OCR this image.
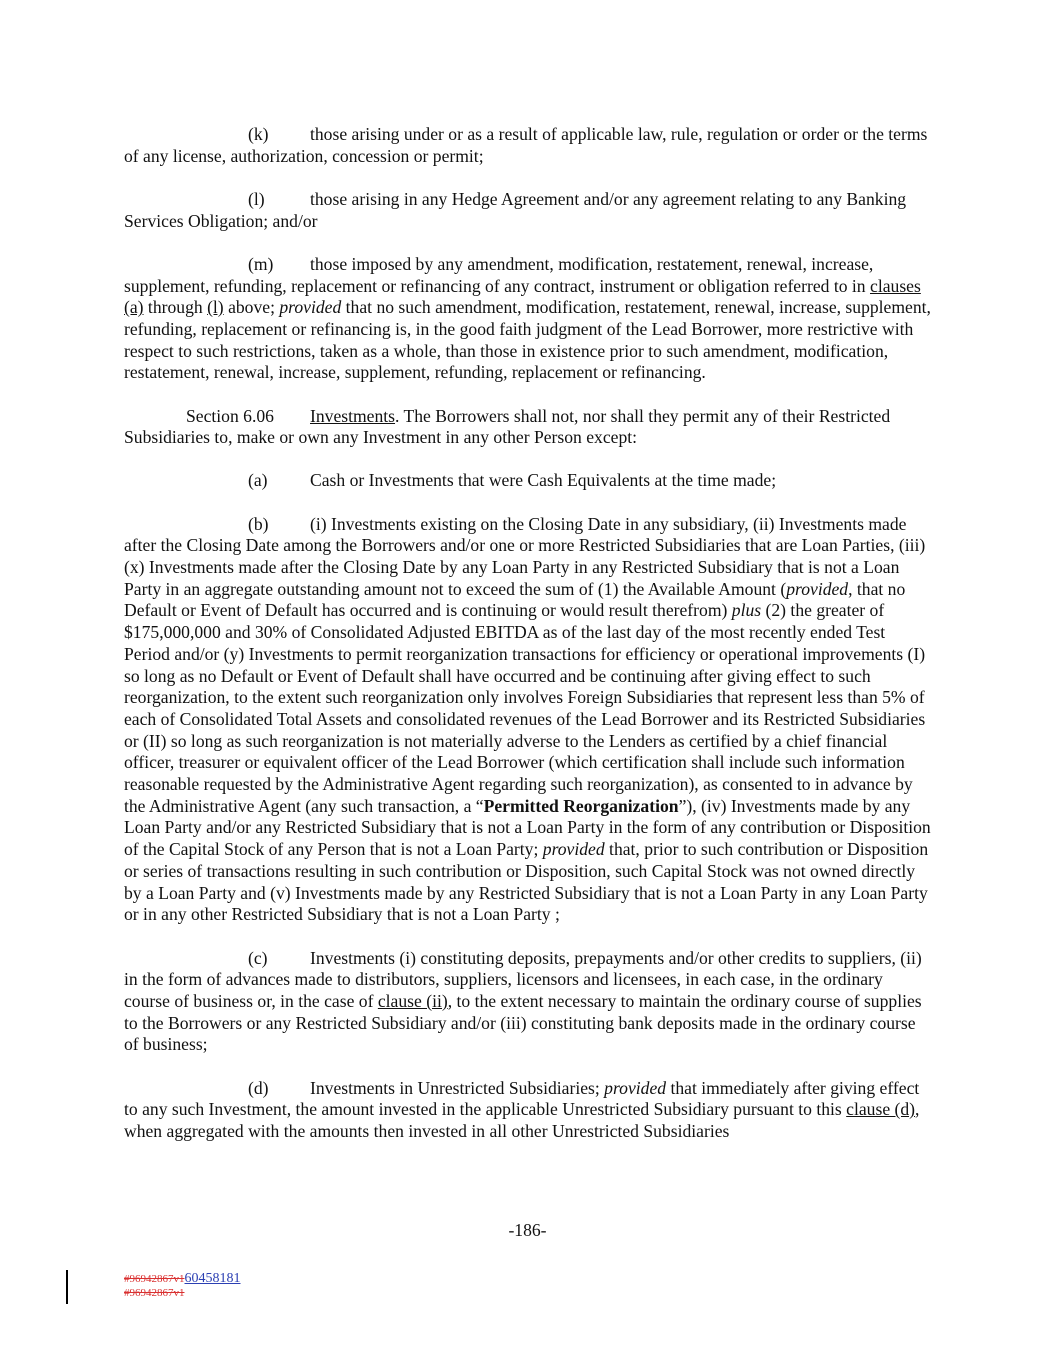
(k) those arising under or as a result of applicable law, rule, regulation or order or the terms of any license, authorization, concession or permit;

(l)	those arising in any Hedge Agreement and/or any agreement relating to any Banking Services Obligation; and/or

(m) those imposed by any amendment, modification, restatement, renewal, increase, supplement, refunding, replacement or refinancing of any contract, instrument or obligation referred to in clauses (a) through (l) above; provided that no such amendment, modification, restatement, renewal, increase, supplement, refunding, replacement or refinancing is, in the good faith judgment of the Lead Borrower, more restrictive with respect to such restrictions, taken as a whole, than those in existence prior to such amendment, modification, restatement, renewal, increase, supplement, refunding, replacement or refinancing.

Section 6.06 Investments. The Borrowers shall not, nor shall they permit any of their Restricted Subsidiaries to, make or own any Investment in any other Person except:

(a) Cash or Investments that were Cash Equivalents at the time made;

(b) (i) Investments existing on the Closing Date in any subsidiary, (ii) Investments made after the Closing Date among the Borrowers and/or one or more Restricted Subsidiaries that are Loan Parties, (iii) (x) Investments made after the Closing Date by any Loan Party in any Restricted Subsidiary that is not a Loan Party in an aggregate outstanding amount not to exceed the sum of (1) the Available Amount (provided, that no Default or Event of Default has occurred and is continuing or would result therefrom) plus (2) the greater of $175,000,000 and 30% of Consolidated Adjusted EBITDA as of the last day of the most recently ended Test Period and/or (y) Investments to permit reorganization transactions for efficiency or operational improvements (I) so long as no Default or Event of Default shall have occurred and be continuing after giving effect to such reorganization, to the extent such reorganization only involves Foreign Subsidiaries that represent less than 5% of each of Consolidated Total Assets and consolidated revenues of the Lead Borrower and its Restricted Subsidiaries or (II) so long as such reorganization is not materially adverse to the Lenders as certified by a chief financial officer, treasurer or equivalent officer of the Lead Borrower (which certification shall include such information reasonable requested by the Administrative Agent regarding such reorganization), as consented to in advance by the Administrative Agent (any such transaction, a “Permitted Reorganization”), (iv) Investments made by any Loan Party and/or any Restricted Subsidiary that is not a Loan Party in the form of any contribution or Disposition of the Capital Stock of any Person that is not a Loan Party; provided that, prior to such contribution or Disposition or series of transactions resulting in such contribution or Disposition, such Capital Stock was not owned directly by a Loan Party and (v) Investments made by any Restricted Subsidiary that is not a Loan Party in any Loan Party or in any other Restricted Subsidiary that is not a Loan Party ;

(c) Investments (i) constituting deposits, prepayments and/or other credits to suppliers, (ii) in the form of advances made to distributors, suppliers, licensors and licensees, in each case, in the ordinary course of business or, in the case of clause (ii), to the extent necessary to maintain the ordinary course of supplies to the Borrowers or any Restricted Subsidiary and/or (iii) constituting bank deposits made in the ordinary course of business;

(d) Investments in Unrestricted Subsidiaries; provided that immediately after giving effect to any such Investment, the amount invested in the applicable Unrestricted Subsidiary pursuant to this clause (d), when aggregated with the amounts then invested in all other Unrestricted Subsidiaries

-186-
#96942867v160458181
#96942867v1
